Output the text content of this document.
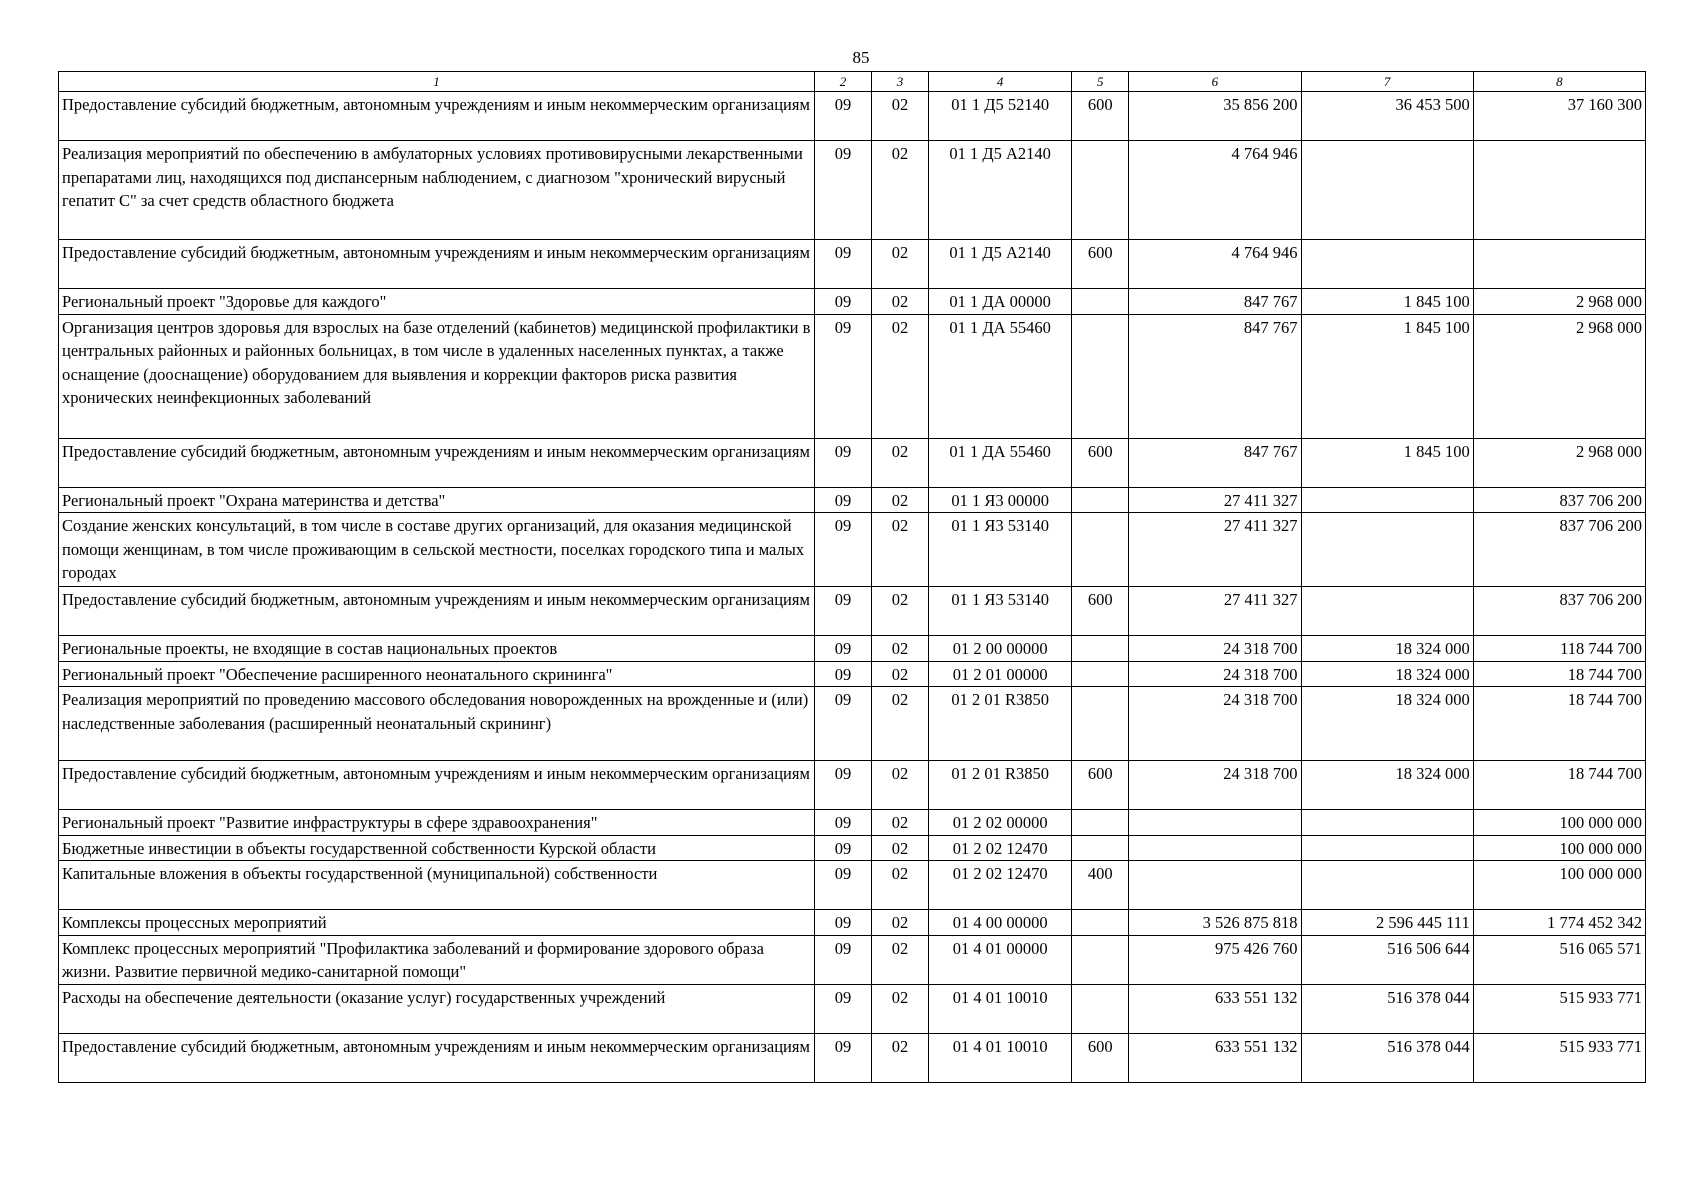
85
1	2	3	4	5	6	7	8
Предоставление субсидий бюджетным, автономным учреждениям и иным некоммерческим организациям	09	02	01 1 Д5 52140	600	35 856 200	36 453 500	37 160 300
Реализация мероприятий по обеспечению в амбулаторных условиях противовирусными лекарственными препаратами лиц, находящихся под диспансерным наблюдением, с диагнозом "хронический вирусный гепатит С" за счет средств областного бюджета	09	02	01 1 Д5 А2140		4 764 946		
Предоставление субсидий бюджетным, автономным учреждениям и иным некоммерческим организациям	09	02	01 1 Д5 А2140	600	4 764 946		
Региональный проект "Здоровье для каждого"	09	02	01 1 ДА 00000		847 767	1 845 100	2 968 000
Организация центров здоровья для взрослых на базе отделений (кабинетов) медицинской профилактики в центральных районных и районных больницах, в том числе в удаленных населенных пунктах, а также оснащение (дооснащение) оборудованием для выявления и коррекции факторов риска развития хронических неинфекционных заболеваний	09	02	01 1 ДА 55460		847 767	1 845 100	2 968 000
Предоставление субсидий бюджетным, автономным учреждениям и иным некоммерческим организациям	09	02	01 1 ДА 55460	600	847 767	1 845 100	2 968 000
Региональный проект "Охрана материнства и детства"	09	02	01 1 Я3 00000		27 411 327		837 706 200
Создание женских консультаций, в том числе в составе других организаций, для оказания медицинской помощи женщинам, в том числе проживающим в сельской местности, поселках городского типа и малых городах	09	02	01 1 Я3 53140		27 411 327		837 706 200
Предоставление субсидий бюджетным, автономным учреждениям и иным некоммерческим организациям	09	02	01 1 Я3 53140	600	27 411 327		837 706 200
Региональные проекты, не входящие в состав национальных проектов	09	02	01 2 00 00000		24 318 700	18 324 000	118 744 700
Региональный проект "Обеспечение расширенного неонатального скрининга"	09	02	01 2 01 00000		24 318 700	18 324 000	18 744 700
Реализация мероприятий по проведению массового обследования новорожденных на врожденные и (или) наследственные заболевания (расширенный неонатальный скрининг)	09	02	01 2 01 R3850		24 318 700	18 324 000	18 744 700
Предоставление субсидий бюджетным, автономным учреждениям и иным некоммерческим организациям	09	02	01 2 01 R3850	600	24 318 700	18 324 000	18 744 700
Региональный проект "Развитие инфраструктуры в сфере здравоохранения"	09	02	01 2 02 00000				100 000 000
Бюджетные инвестиции в объекты государственной собственности Курской области	09	02	01 2 02 12470				100 000 000
Капитальные вложения в объекты государственной (муниципальной) собственности	09	02	01 2 02 12470	400			100 000 000
Комплексы процессных мероприятий	09	02	01 4 00 00000		3 526 875 818	2 596 445 111	1 774 452 342
Комплекс процессных мероприятий "Профилактика заболеваний и формирование здорового образа жизни. Развитие первичной медико-санитарной помощи"	09	02	01 4 01 00000		975 426 760	516 506 644	516 065 571
Расходы на обеспечение деятельности (оказание услуг) государственных учреждений	09	02	01 4 01 10010		633 551 132	516 378 044	515 933 771
Предоставление субсидий бюджетным, автономным учреждениям и иным некоммерческим организациям	09	02	01 4 01 10010	600	633 551 132	516 378 044	515 933 771
